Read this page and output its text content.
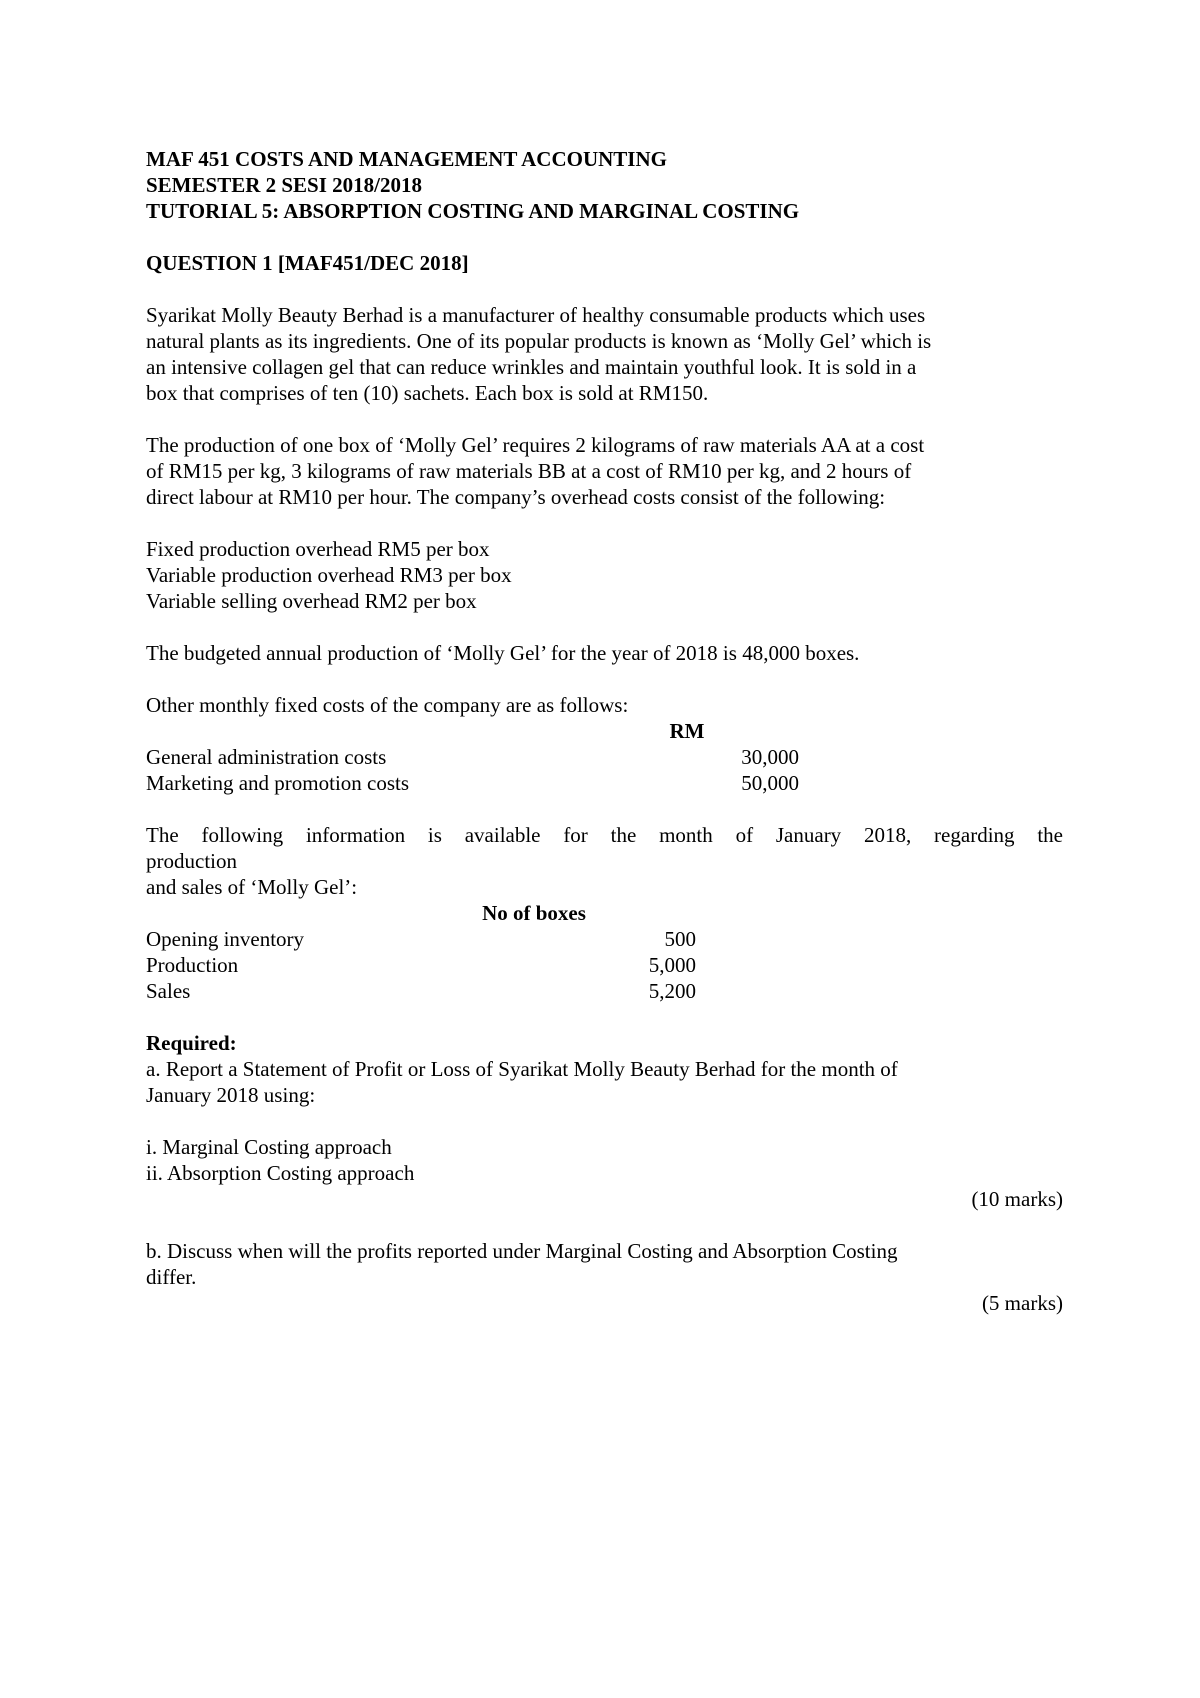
MAF 451 COSTS AND MANAGEMENT ACCOUNTING

SEMESTER 2 SESI 2018/2018

TUTORIAL 5: ABSORPTION COSTING AND MARGINAL COSTING

QUESTION 1 [MAF451/DEC 2018]

Syarikat Molly Beauty Berhad is a manufacturer of healthy consumable products which uses

natural plants as its ingredients. One of its popular products is known as ‘Molly Gel’ which is

an intensive collagen gel that can reduce wrinkles and maintain youthful look. It is sold in a

box that comprises of ten (10) sachets. Each box is sold at RM150.

The production of one box of ‘Molly Gel’ requires 2 kilograms of raw materials AA at a cost

of RM15 per kg, 3 kilograms of raw materials BB at a cost of RM10 per kg, and 2 hours of

direct labour at RM10 per hour. The company’s overhead costs consist of the following:

Fixed production overhead RM5 per box

Variable production overhead RM3 per box

Variable selling overhead RM2 per box

The budgeted annual production of ‘Molly Gel’ for the year of 2018 is 48,000 boxes.

Other monthly fixed costs of the company are as follows:

RM
General administration costs	30,000
Marketing and promotion costs	50,000

The following information is available for the month of January 2018, regarding the

production

and sales of ‘Molly Gel’:

No of boxes
Opening inventory	500
Production	5,000
Sales	5,200

Required:

a. Report a Statement of Profit or Loss of Syarikat Molly Beauty Berhad for the month of

January 2018 using:

i. Marginal Costing approach

ii. Absorption Costing approach

(10 marks)

b. Discuss when will the profits reported under Marginal Costing and Absorption Costing

differ.

(5 marks)
